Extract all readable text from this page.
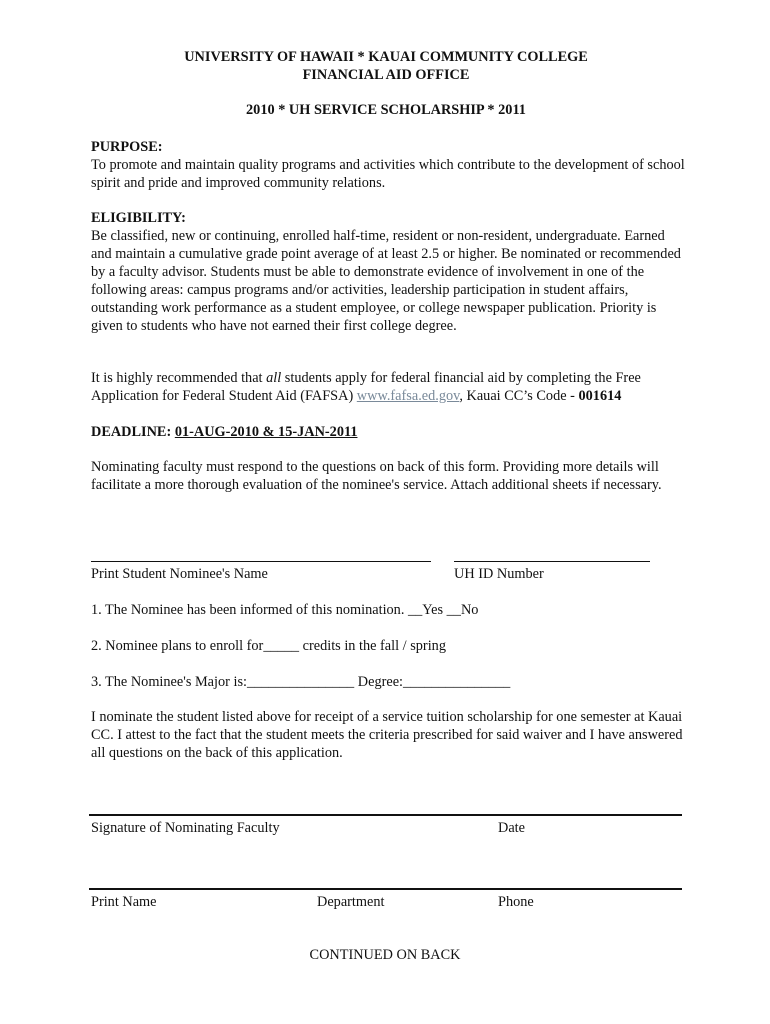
UNIVERSITY OF HAWAII * KAUAI COMMUNITY COLLEGE
FINANCIAL AID OFFICE
2010 * UH SERVICE SCHOLARSHIP * 2011
PURPOSE:
To promote and maintain quality programs and activities which contribute to the development of school spirit and pride and improved community relations.
ELIGIBILITY:
Be classified, new or continuing, enrolled half-time, resident or non-resident, undergraduate. Earned and maintain a cumulative grade point average of at least 2.5 or higher. Be nominated or recommended by a faculty advisor. Students must be able to demonstrate evidence of involvement in one of the following areas: campus programs and/or activities, leadership participation in student affairs, outstanding work performance as a student employee, or college newspaper publication. Priority is given to students who have not earned their first college degree.
It is highly recommended that all students apply for federal financial aid by completing the Free Application for Federal Student Aid (FAFSA) www.fafsa.ed.gov, Kauai CC’s Code - 001614
DEADLINE: 01-AUG-2010 & 15-JAN-2011
Nominating faculty must respond to the questions on back of this form. Providing more details will facilitate a more thorough evaluation of the nominee's service. Attach additional sheets if necessary.
Print Student Nominee's Name	UH ID Number
1. The Nominee has been informed of this nomination. __Yes __No
2. Nominee plans to enroll for_____ credits in the fall / spring
3. The Nominee's Major is:_______________ Degree:_______________
I nominate the student listed above for receipt of a service tuition scholarship for one semester at Kauai CC. I attest to the fact that the student meets the criteria prescribed for said waiver and I have answered all questions on the back of this application.
Signature of Nominating Faculty	Date
Print Name	Department	Phone
CONTINUED ON BACK
